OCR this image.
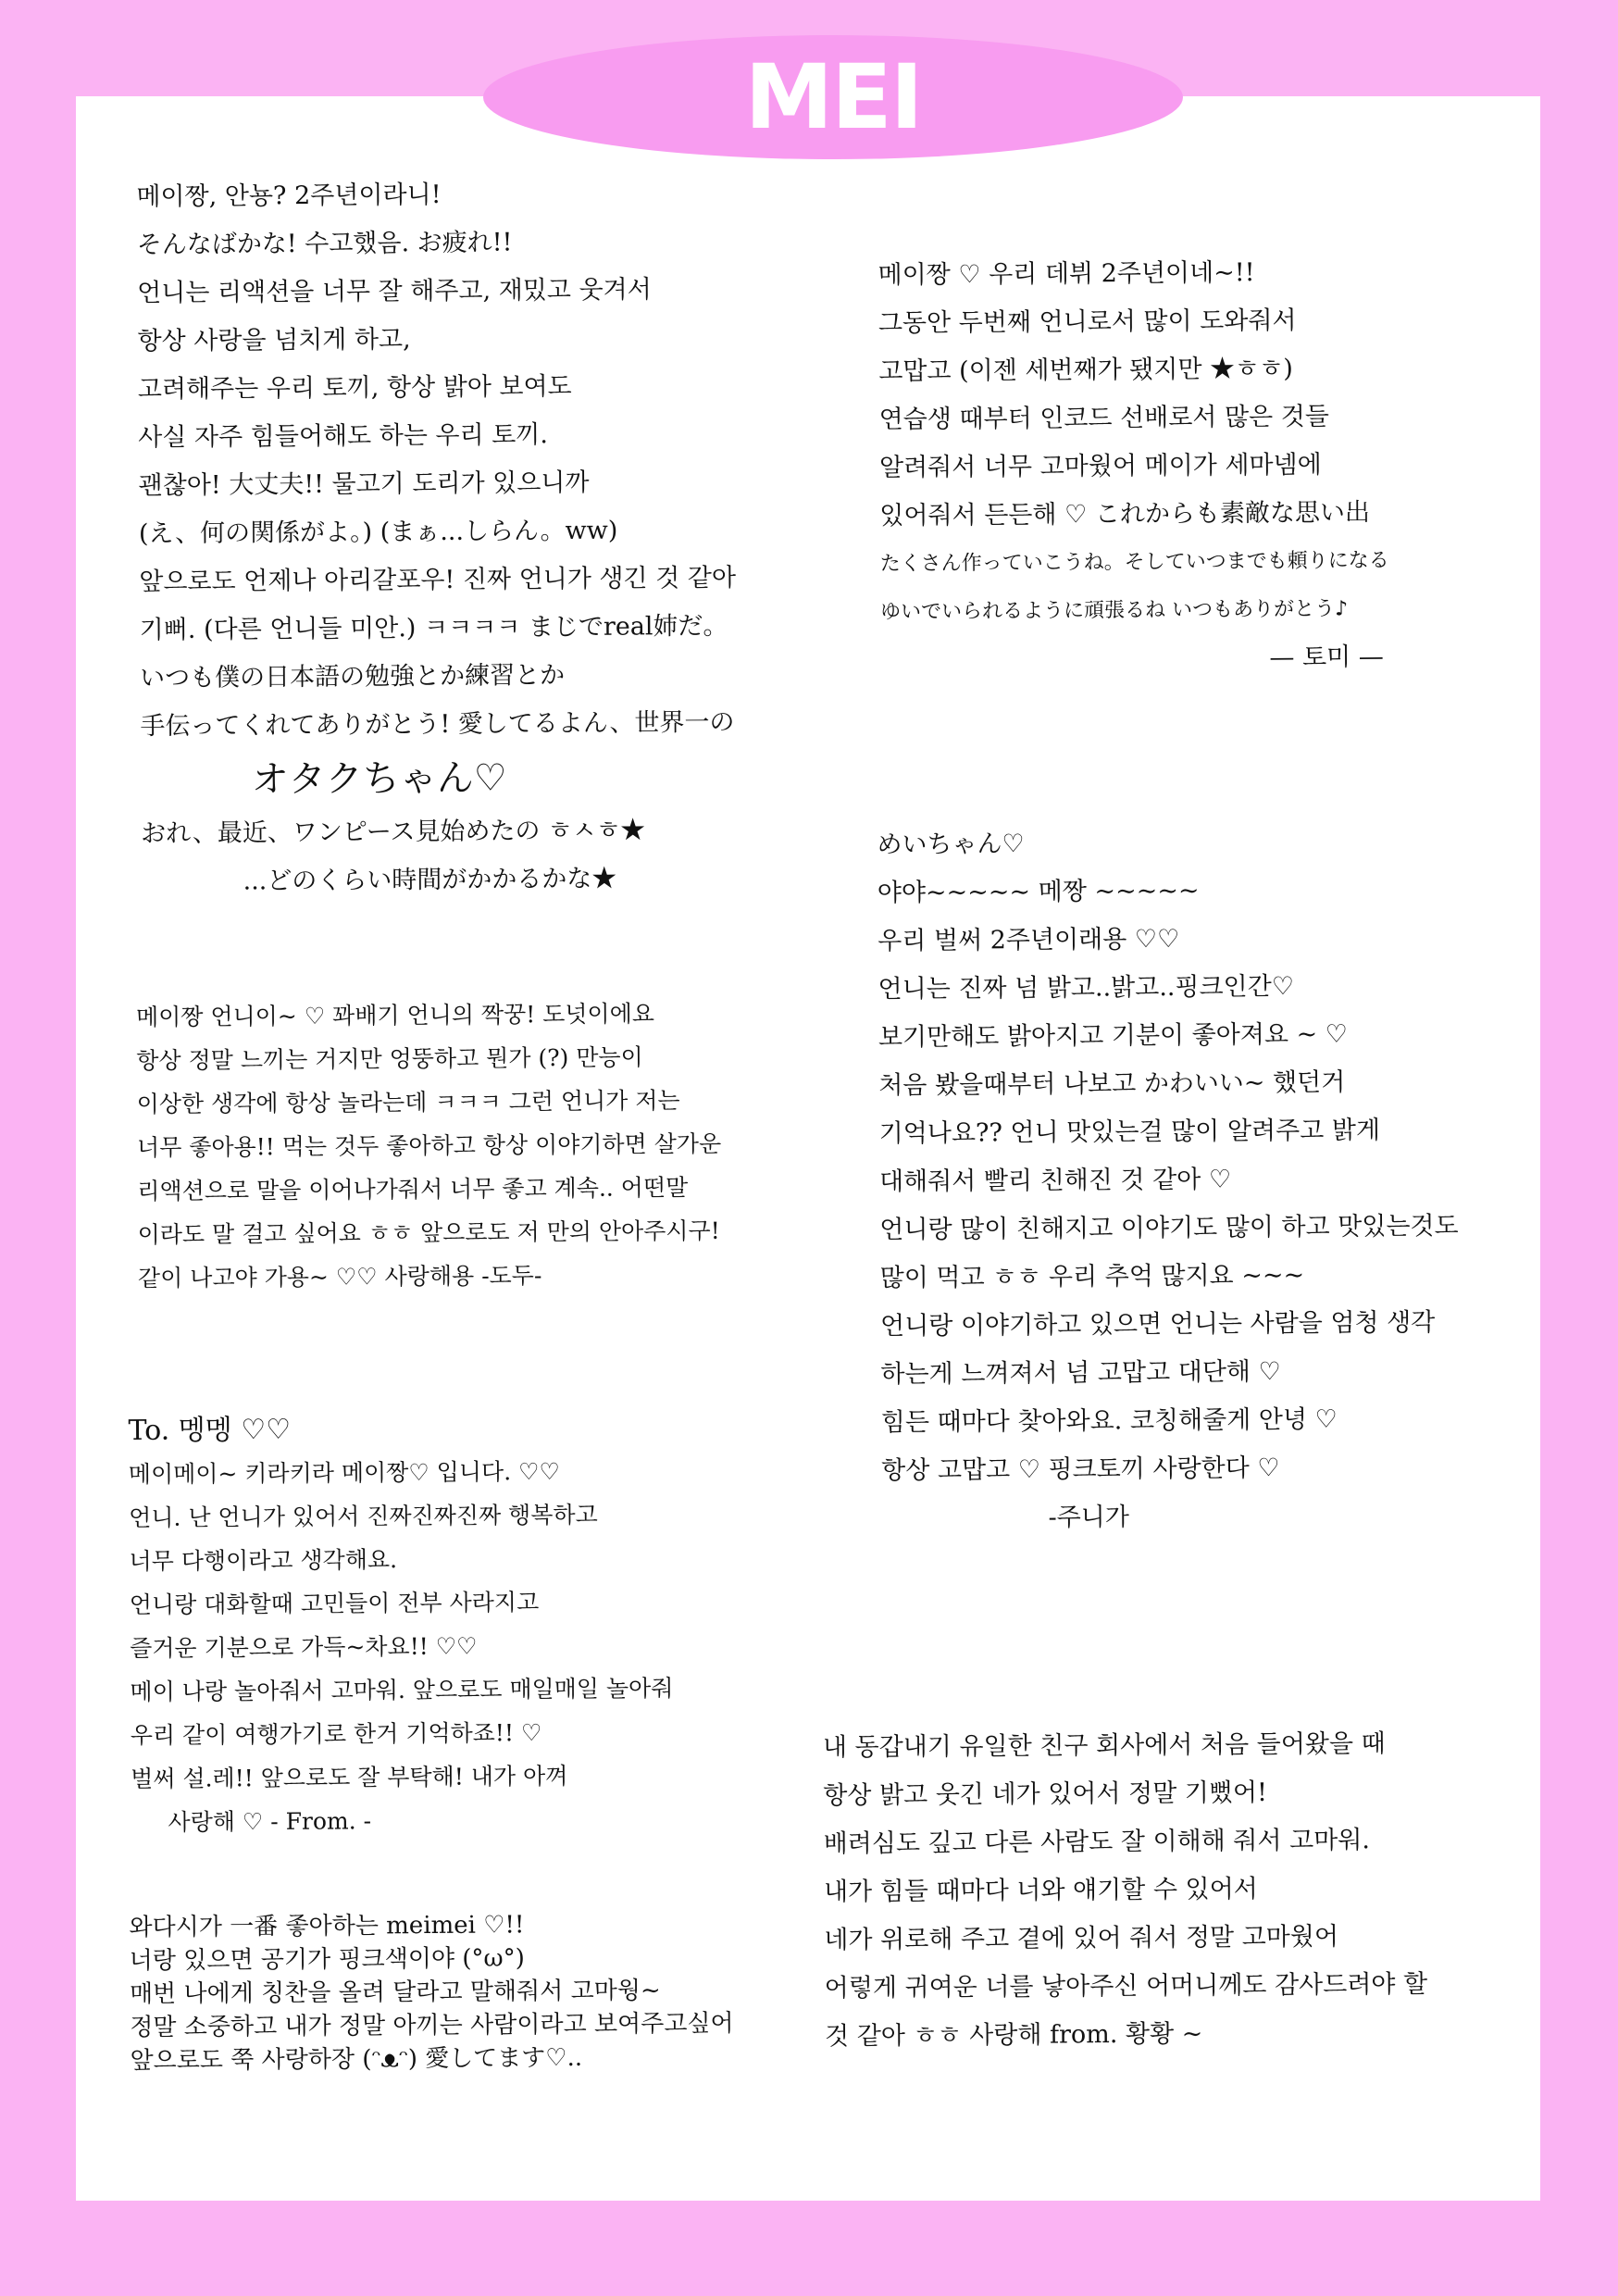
MEI
메이짱, 안뇽? 2주년이라니!
そんなばかな! 수고했음. お疲れ!!
언니는 리액션을 너무 잘 해주고, 재밌고 웃겨서
항상 사랑을 넘치게 하고,
고려해주는 우리 토끼, 항상 밝아 보여도
사실 자주 힘들어해도 하는 우리 토끼.
괜찮아! 大丈夫!! 물고기 도리가 있으니까
(え、何の関係がよ。) (まぁ...しらん。ww)
앞으로도 언제나 아리갈포우! 진짜 언니가 생긴 것 같아
기뻐. (다른 언니들 미안.) ㅋㅋㅋㅋ まじでreal姉だ。
いつも僕の日本語の勉強とか練習とか
手伝ってくれてありがとう! 愛してるよん、世界一の
オタクちゃん♡
おれ、最近、ワンピース見始めたの ㅎㅅㅎ★
...どのくらい時間がかかるかな★
메이짱 ♡ 우리 데뷔 2주년이네~!!
그동안 두번째 언니로서 많이 도와줘서
고맙고 (이젠 세번째가 됐지만 ★ㅎㅎ)
연습생 때부터 인코드 선배로서 많은 것들
알려줘서 너무 고마웠어 메이가 세마넴에
있어줘서 든든해 ♡ これからも素敵な思い出
たくさん作っていこうね。そしていつまでも頼りになる
ゆいでいられるように頑張るね いつもありがとう♪
— 토미 —
めいちゃん♡
야야~~~~~ 메짱 ~~~~~
우리 벌써 2주년이래용 ♡♡
언니는 진짜 넘 밝고..밝고..핑크인간♡
보기만해도 밝아지고 기분이 좋아져요 ~ ♡
처음 봤을때부터 나보고 かわいい~ 했던거
기억나요?? 언니 맛있는걸 많이 알려주고 밝게
대해줘서 빨리 친해진 것 같아 ♡
언니랑 많이 친해지고 이야기도 많이 하고 맛있는것도
많이 먹고 ㅎㅎ 우리 추억 많지요 ~~~
언니랑 이야기하고 있으면 언니는 사람을 엄청 생각
하는게 느껴져서 넘 고맙고 대단해 ♡
힘든 때마다 찾아와요. 코칭해줄게 안녕 ♡
항상 고맙고 ♡ 핑크토끼 사랑한다 ♡
-주니가
메이짱 언니이~ ♡ 꽈배기 언니의 짝꿍! 도넛이에요
항상 정말 느끼는 거지만 엉뚱하고 뭔가 (?) 만능이
이상한 생각에 항상 놀라는데 ㅋㅋㅋ 그런 언니가 저는
너무 좋아용!! 먹는 것두 좋아하고 항상 이야기하면 살가운
리액션으로 말을 이어나가줘서 너무 좋고 계속.. 어떤말
이라도 말 걸고 싶어요 ㅎㅎ 앞으로도 저 만의 안아주시구!
같이 나고야 가용~ ♡♡ 사랑해용 -도두-
To. 멩멩 ♡♡
메이메이~ 키라키라 메이짱♡ 입니다. ♡♡
언니. 난 언니가 있어서 진짜진짜진짜 행복하고
너무 다행이라고 생각해요.
언니랑 대화할때 고민들이 전부 사라지고
즐거운 기분으로 가득~차요!! ♡♡
메이 나랑 놀아줘서 고마워. 앞으로도 매일매일 놀아줘
우리 같이 여행가기로 한거 기억하죠!! ♡
벌써 설.레!! 앞으로도 잘 부탁해! 내가 아껴
사랑해 ♡ - From. -
와다시가 一番 좋아하는 meimei ♡!!
너랑 있으면 공기가 핑크색이야 (°ω°)
매번 나에게 칭찬을 올려 달라고 말해줘서 고마웡~
정말 소중하고 내가 정말 아끼는 사람이라고 보여주고싶어
앞으로도 쭉 사랑하장 (ᵔᴥᵔ) 愛してます♡..
내 동갑내기 유일한 친구 회사에서 처음 들어왔을 때
항상 밝고 웃긴 네가 있어서 정말 기뻤어!
배려심도 깊고 다른 사람도 잘 이해해 줘서 고마워.
내가 힘들 때마다 너와 얘기할 수 있어서
네가 위로해 주고 곁에 있어 줘서 정말 고마웠어
어렇게 귀여운 너를 낳아주신 어머니께도 감사드려야 할
것 같아 ㅎㅎ 사랑해 from. 황황 ~
